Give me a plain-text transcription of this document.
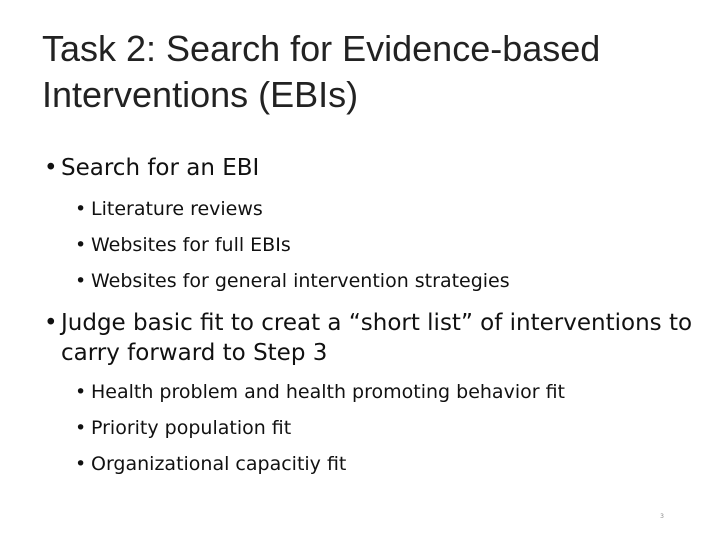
Task 2: Search for Evidence-based
Interventions (EBIs)
• Search for an EBI
• Literature reviews
• Websites for full EBIs
• Websites for general intervention strategies
• Judge basic fit to creat a “short list” of interventions to carry forward to Step 3
• Health problem and health promoting behavior fit
• Priority population fit
• Organizational capacitiy fit
3
